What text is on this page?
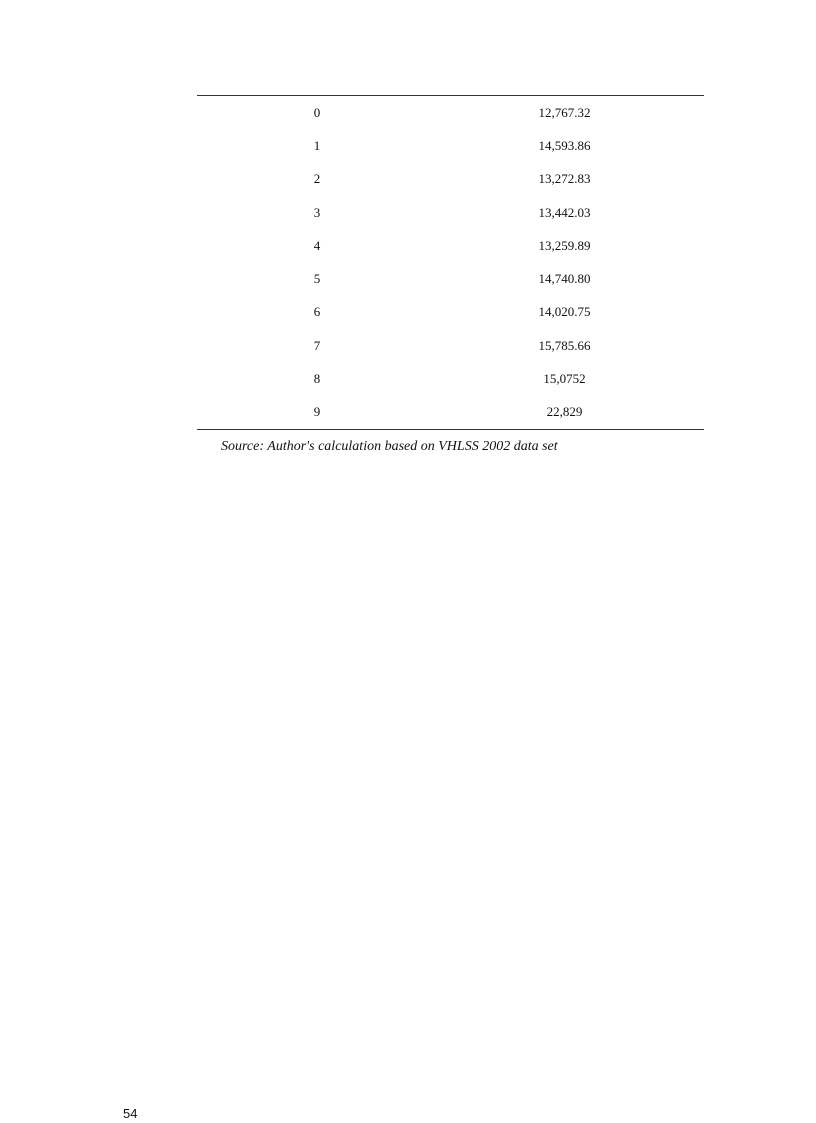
0	12,767.32
1	14,593.86
2	13,272.83
3	13,442.03
4	13,259.89
5	14,740.80
6	14,020.75
7	15,785.66
8	15,0752
9	22,829
Source: Author's calculation based on VHLSS 2002 data set
54
